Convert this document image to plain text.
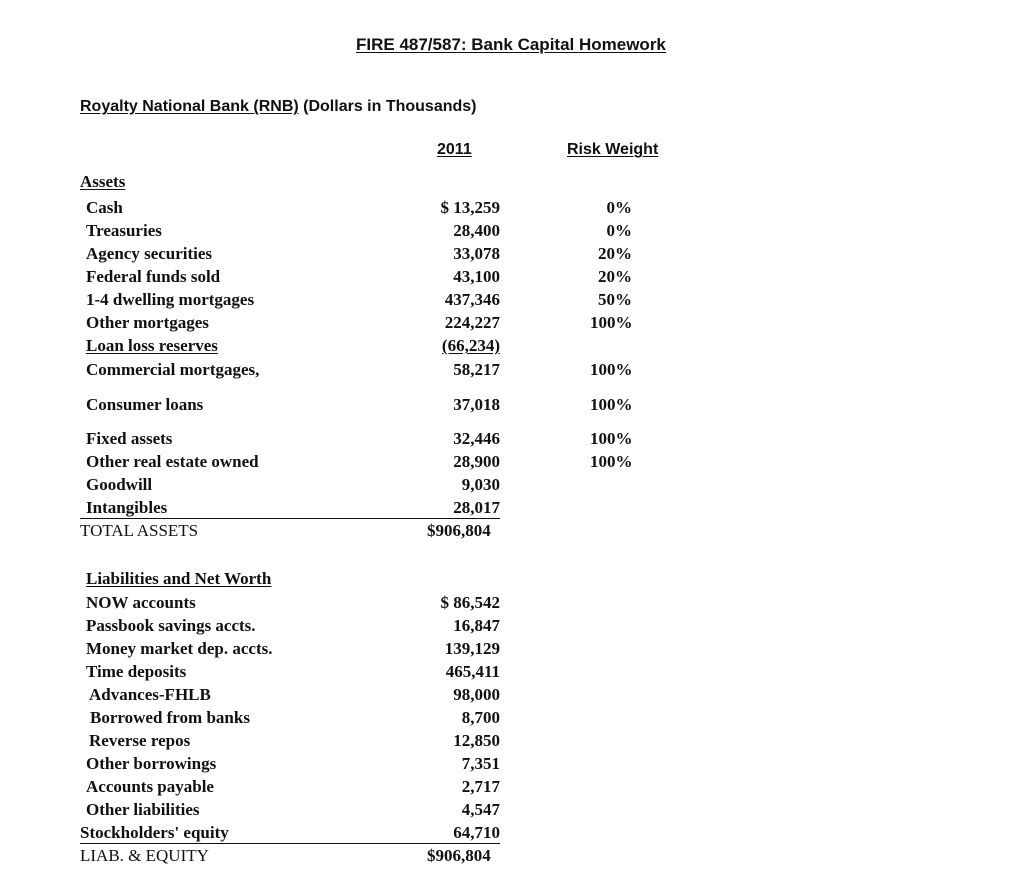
FIRE 487/587: Bank Capital Homework
Royalty National Bank (RNB) (Dollars in Thousands)
2011	Risk Weight
Assets
Cash	$ 13,259	0%
Treasuries	28,400	0%
Agency securities	33,078	20%
Federal funds sold	43,100	20%
1-4 dwelling mortgages	437,346	50%
Other mortgages	224,227	100%
Loan loss reserves	(66,234)
Commercial mortgages,	58,217	100%
Consumer loans	37,018	100%
Fixed assets	32,446	100%
Other real estate owned	28,900	100%
Goodwill	9,030
Intangibles	28,017
TOTAL ASSETS	$906,804
Liabilities and Net Worth
NOW accounts	$ 86,542
Passbook savings accts.	16,847
Money market dep. accts.	139,129
Time deposits	465,411
Advances-FHLB	98,000
Borrowed from banks	8,700
Reverse repos	12,850
Other borrowings	7,351
Accounts payable	2,717
Other liabilities	4,547
Stockholders' equity	64,710
LIAB. & EQUITY	$906,804
